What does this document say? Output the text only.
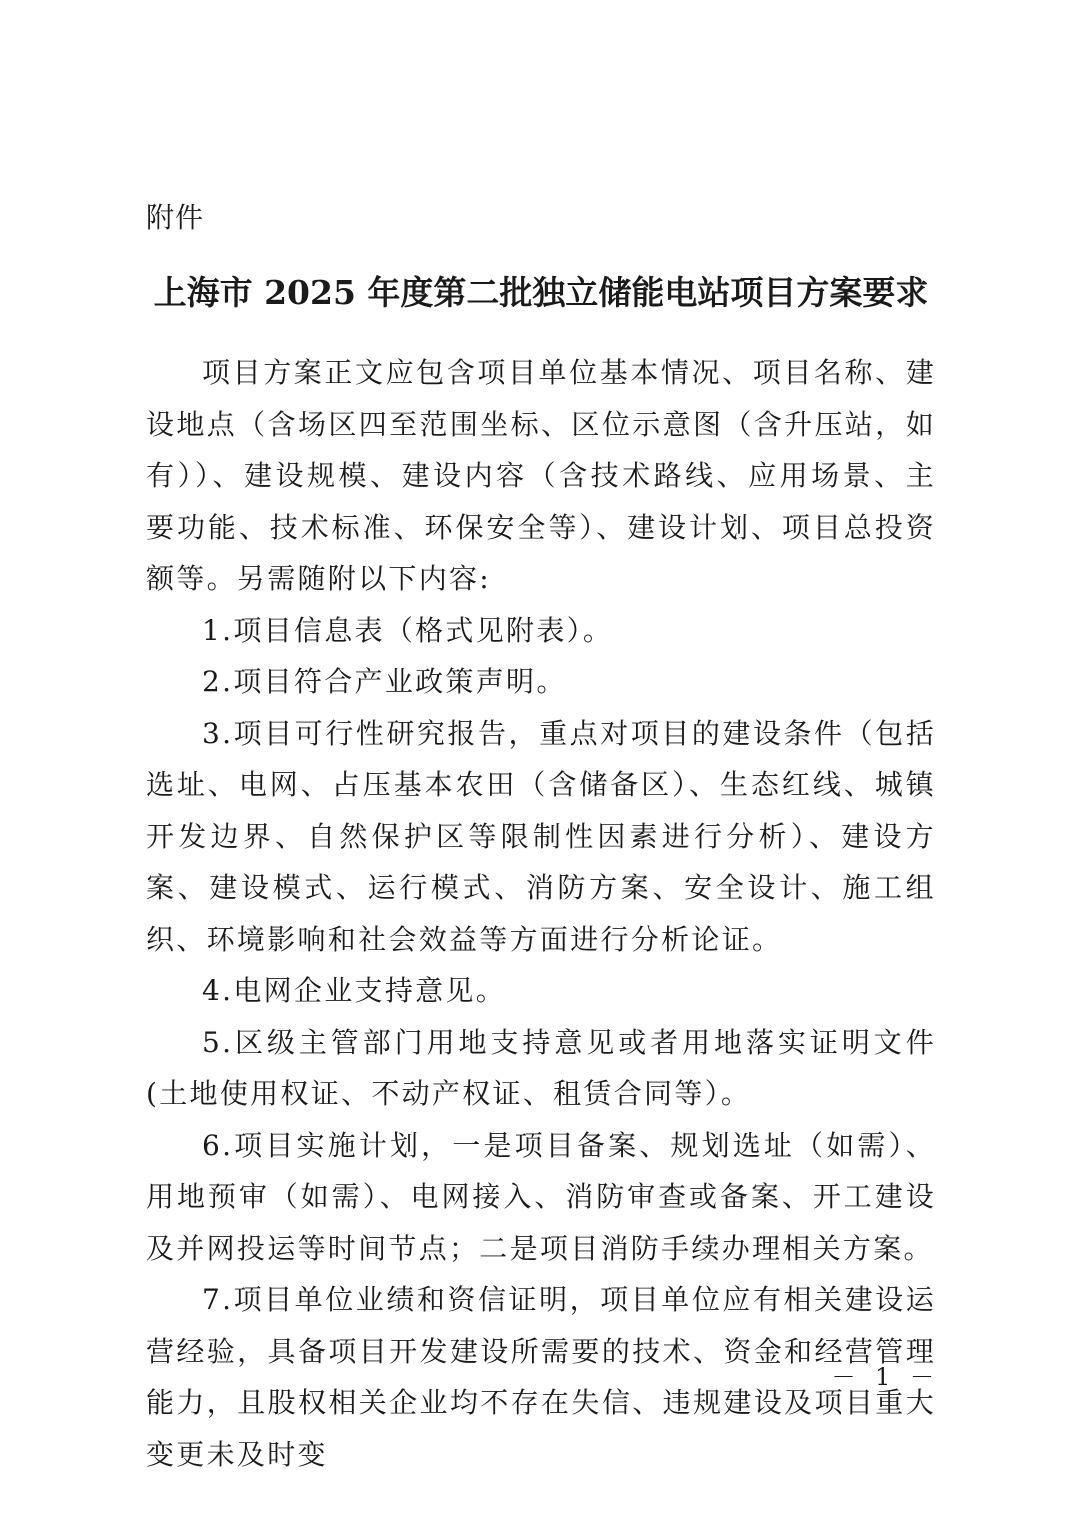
附件
上海市 2025 年度第二批独立储能电站项目方案要求

项目方案正文应包含项目单位基本情况、项目名称、建设地点（含场区四至范围坐标、区位示意图（含升压站，如有））、建设规模、建设内容（含技术路线、应用场景、主要功能、技术标准、环保安全等）、建设计划、项目总投资额等。另需随附以下内容:

1.项目信息表（格式见附表）。

2.项目符合产业政策声明。

3.项目可行性研究报告，重点对项目的建设条件（包括选址、电网、占压基本农田（含储备区）、生态红线、城镇开发边界、自然保护区等限制性因素进行分析）、建设方案、建设模式、运行模式、消防方案、安全设计、施工组织、环境影响和社会效益等方面进行分析论证。

4.电网企业支持意见。

5.区级主管部门用地支持意见或者用地落实证明文件(土地使用权证、不动产权证、租赁合同等）。

6.项目实施计划，一是项目备案、规划选址（如需）、用地预审（如需）、电网接入、消防审查或备案、开工建设及并网投运等时间节点；二是项目消防手续办理相关方案。

7.项目单位业绩和资信证明，项目单位应有相关建设运营经验，具备项目开发建设所需要的技术、资金和经营管理能力，且股权相关企业均不存在失信、违规建设及项目重大变更未及时变

－ 1 －
